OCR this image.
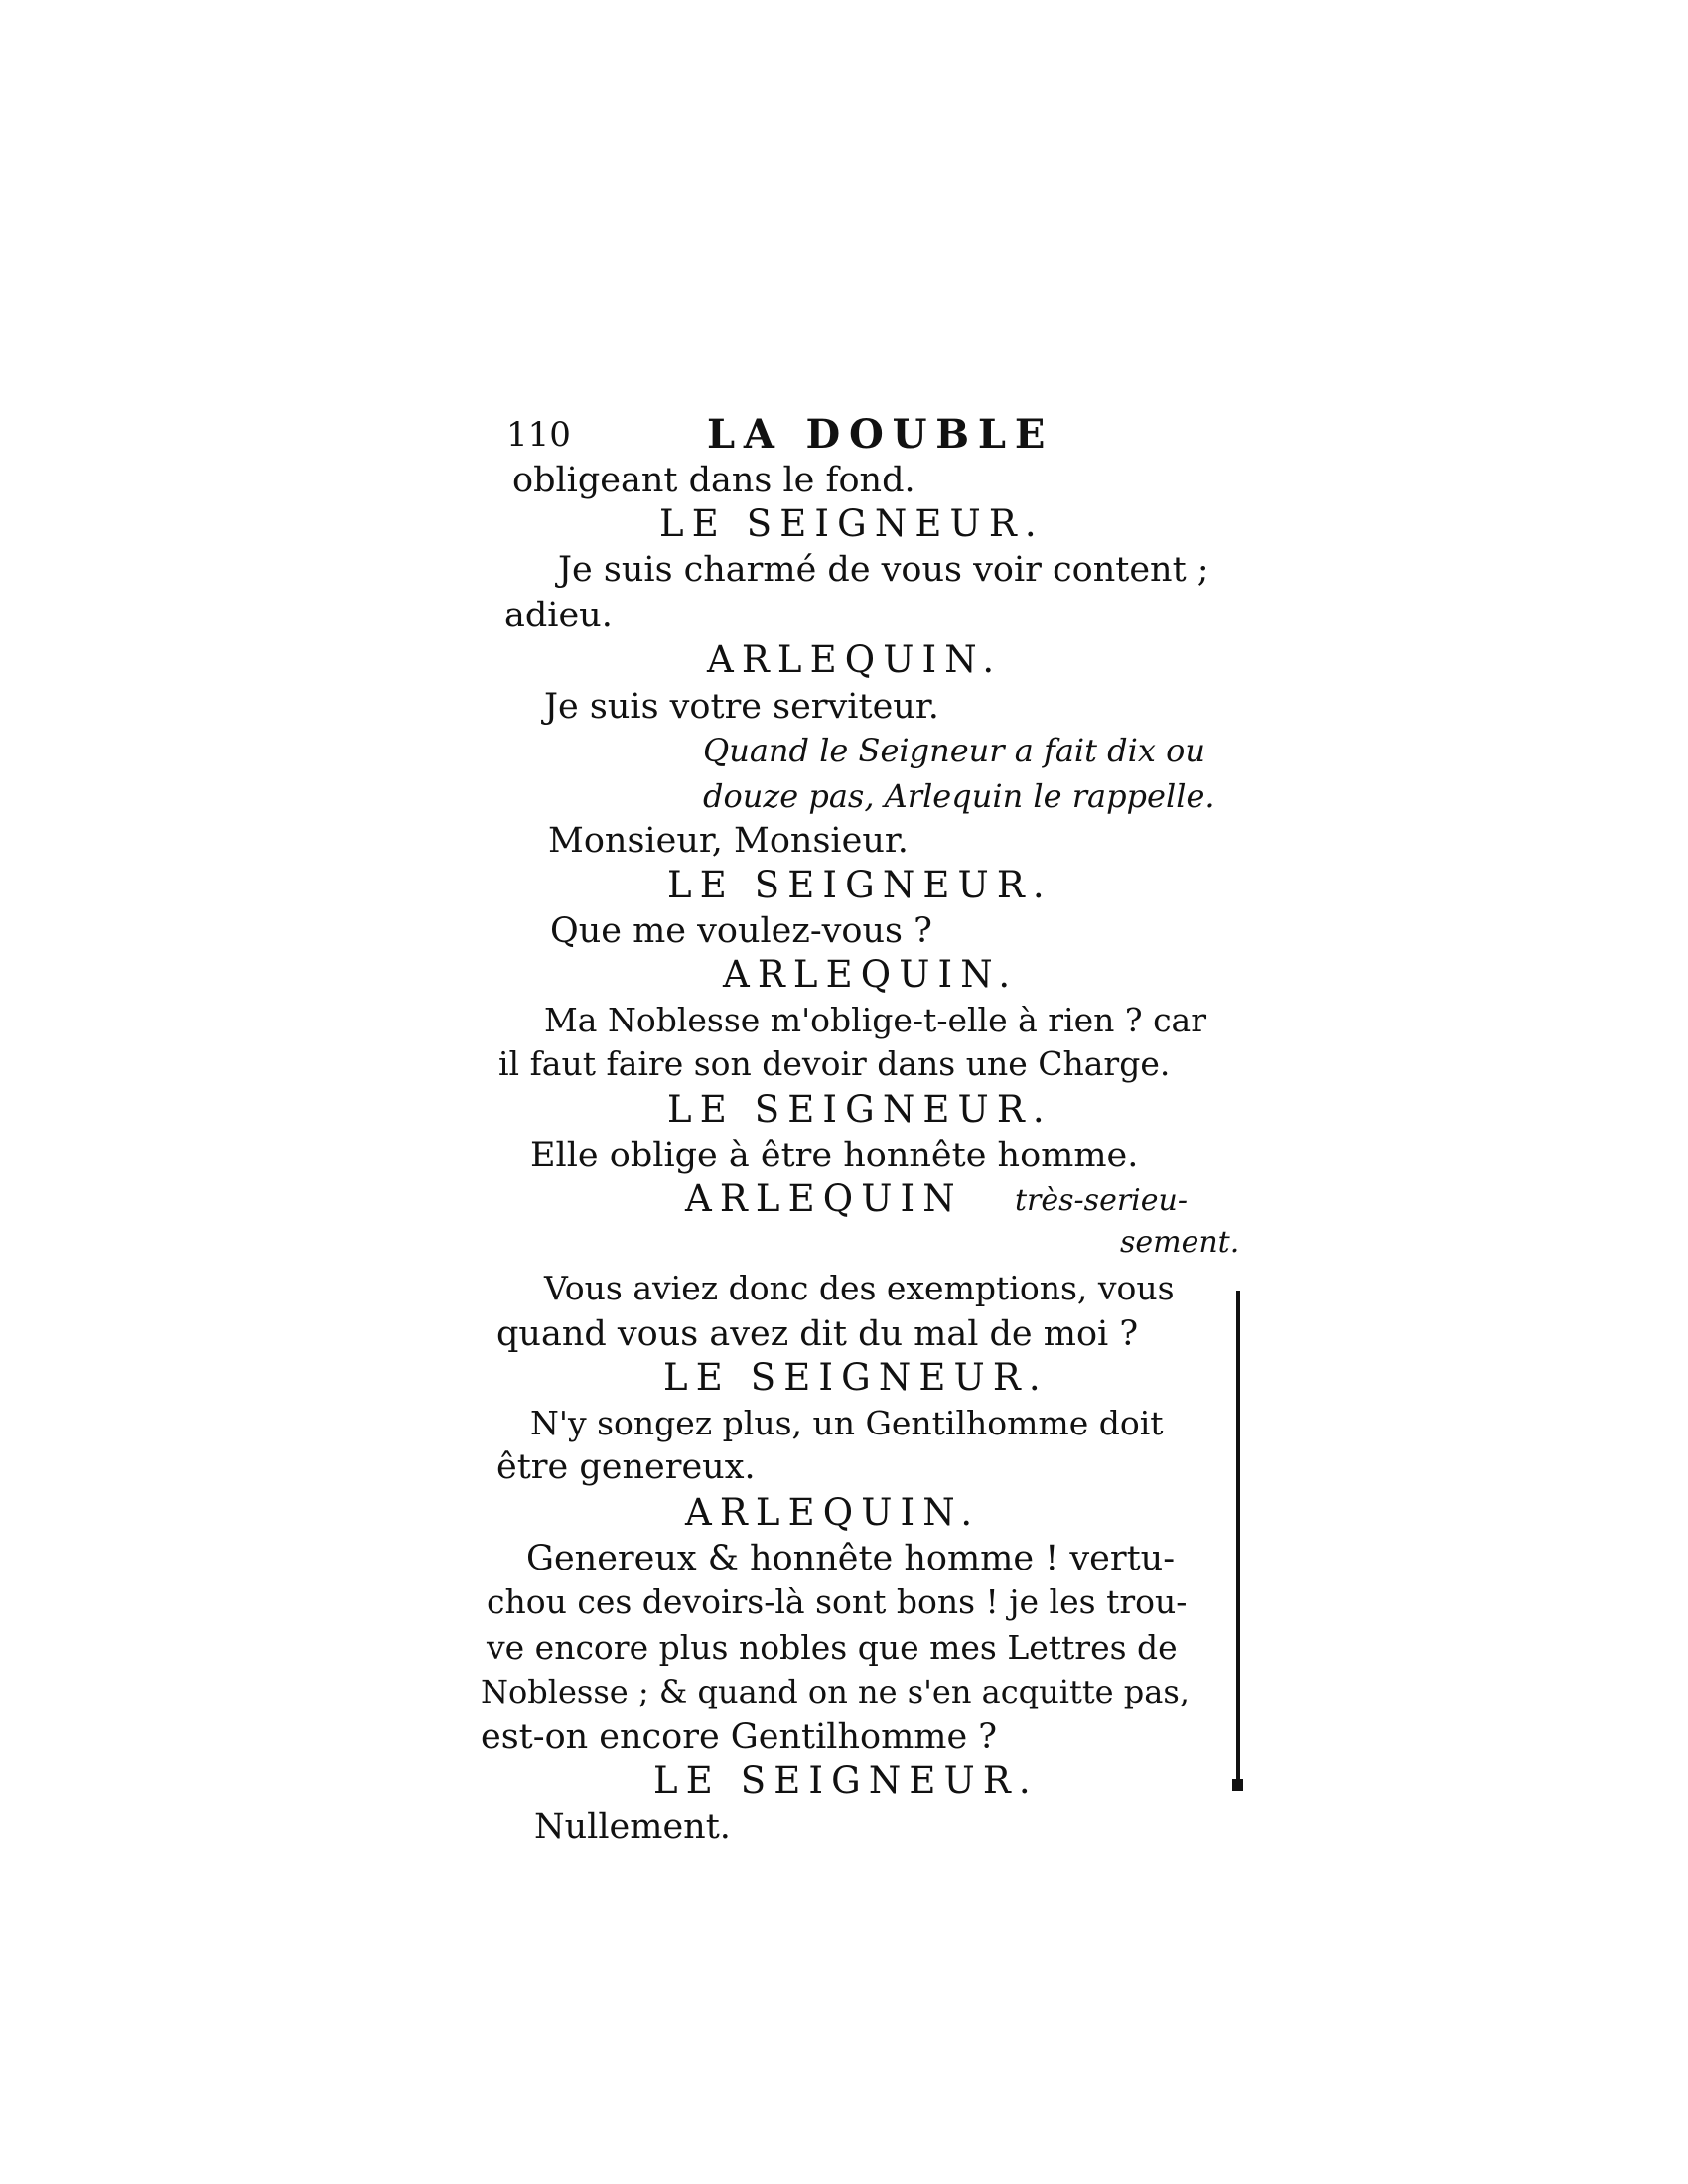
110	LA DOUBLE
obligeant dans le fond.
LE SEIGNEUR.
Je suis charmé de vous voir content ;
adieu.
ARLEQUIN.
Je suis votre serviteur.
Quand le Seigneur a fait dix ou
douze pas, Arlequin le rappelle.
Monsieur, Monsieur.
LE SEIGNEUR.
Que me voulez-vous ?
ARLEQUIN.
Ma Noblesse m'oblige-t-elle à rien ? car
il faut faire son devoir dans une Charge.
LE SEIGNEUR.
Elle oblige à être honnête homme.
ARLEQUIN très-serieu-
sement.
Vous aviez donc des exemptions, vous
quand vous avez dit du mal de moi ?
LE SEIGNEUR.
N'y songez plus, un Gentilhomme doit
être genereux.
ARLEQUIN.
Genereux & honnête homme ! vertu-
chou ces devoirs-là sont bons ! je les trou-
ve encore plus nobles que mes Lettres de
Noblesse ; & quand on ne s'en acquitte pas,
est-on encore Gentilhomme ?
LE SEIGNEUR.
Nullement.
